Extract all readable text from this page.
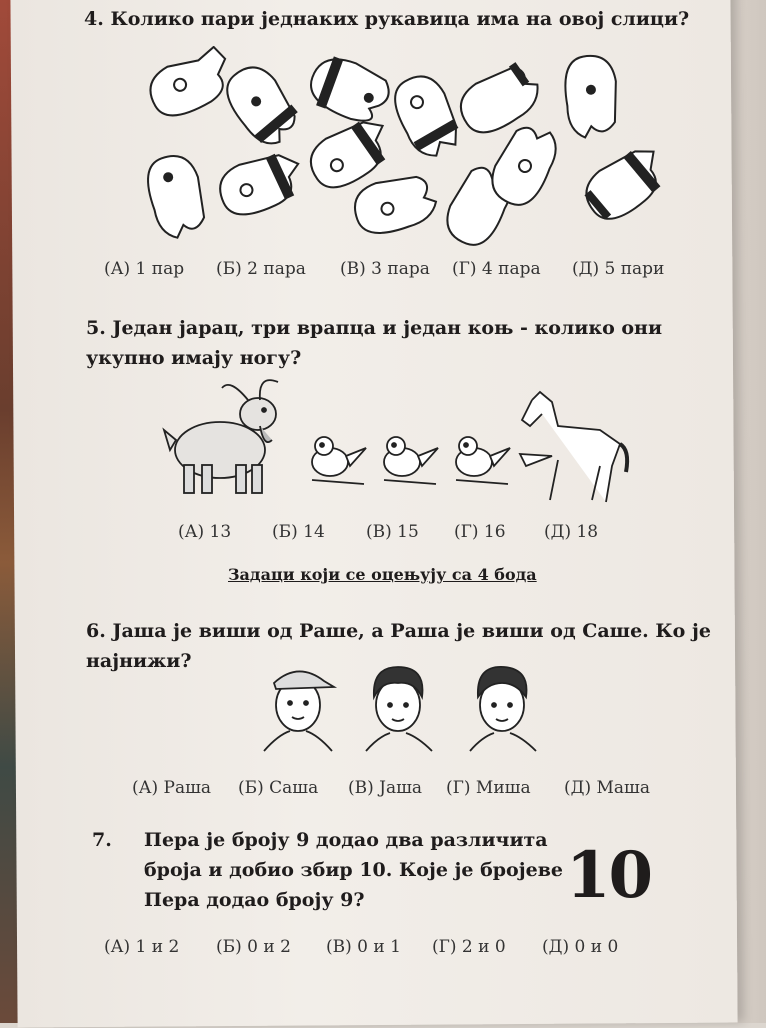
4. Колико пари једнаких рукавица има на овој слици?
(А) 1 пар	(Б) 2 пара	(В) 3 пара	(Г) 4 пара	(Д) 5 пари
5. Један јарац, три врапца и један коњ - колико они
укупно имају ногу?
(А) 13	(Б) 14	(В) 15	(Г) 16	(Д) 18
Задаци који се оцењују са 4 бода
6. Јаша је виши од Раше, а Раша је виши од Саше. Ко је
најнижи?
(А) Раша	(Б) Саша	(В) Јаша	(Г) Миша	(Д) Маша
7. Пера је броју 9 додао два различита
броја и добио збир 10. Које је бројеве
Пера додао броју 9?	10
(А) 1 и 2	(Б) 0 и 2	(В) 0 и 1	(Г) 2 и 0	(Д) 0 и 0
